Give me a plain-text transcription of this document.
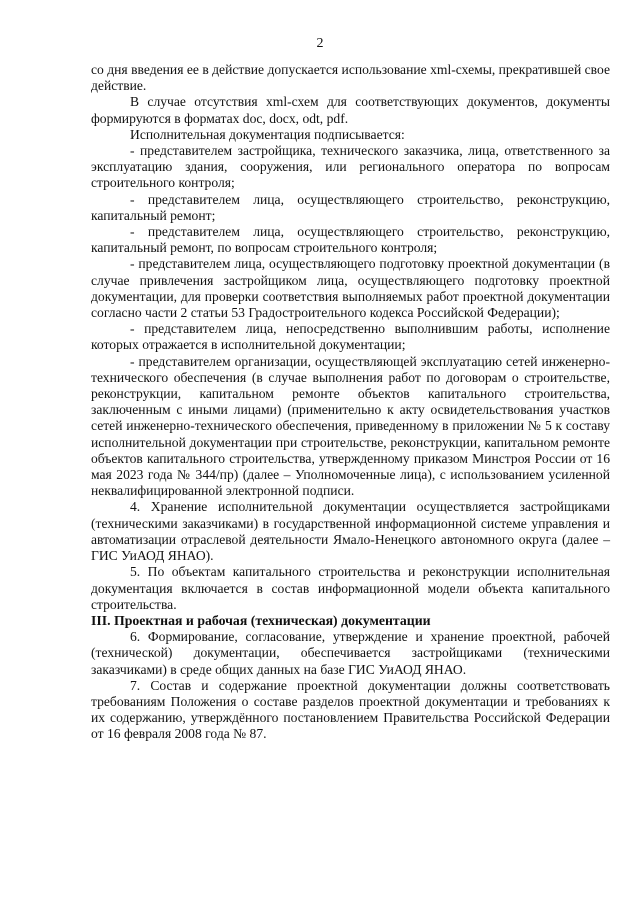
2

со дня введения ее в действие допускается использование xml-схемы, прекратившей свое действие.

В случае отсутствия xml-схем для соответствующих документов, документы формируются в форматах doc, docx, odt, pdf.

Исполнительная документация подписывается:

- представителем застройщика, технического заказчика, лица, ответственного за эксплуатацию здания, сооружения, или регионального оператора по вопросам строительного контроля;

- представителем лица, осуществляющего строительство, реконструкцию, капитальный ремонт;

- представителем лица, осуществляющего строительство, реконструкцию, капитальный ремонт, по вопросам строительного контроля;

- представителем лица, осуществляющего подготовку проектной документации (в случае привлечения застройщиком лица, осуществляющего подготовку проектной документации, для проверки соответствия выполняемых работ проектной документации согласно части 2 статьи 53 Градостроительного кодекса Российской Федерации);

- представителем лица, непосредственно выполнившим работы, исполнение которых отражается в исполнительной документации;

- представителем организации, осуществляющей эксплуатацию сетей инженерно-технического обеспечения (в случае выполнения работ по договорам о строительстве, реконструкции, капитальном ремонте объектов капитального строительства, заключенным с иными лицами) (применительно к акту освидетельствования участков сетей инженерно-технического обеспечения, приведенному в приложении № 5 к составу исполнительной документации при строительстве, реконструкции, капитальном ремонте объектов капитального строительства, утвержденному приказом Минстроя России от 16 мая 2023 года № 344/пр) (далее – Уполномоченные лица), с использованием усиленной неквалифицированной электронной подписи.

4. Хранение исполнительной документации осуществляется застройщиками (техническими заказчиками) в государственной информационной системе управления и автоматизации отраслевой деятельности Ямало-Ненецкого автономного округа (далее – ГИС УиАОД ЯНАО).

5. По объектам капитального строительства и реконструкции исполнительная документация включается в состав информационной модели объекта капитального строительства.

III. Проектная и рабочая (техническая) документации

6. Формирование, согласование, утверждение и хранение проектной, рабочей (технической) документации, обеспечивается застройщиками (техническими заказчиками) в среде общих данных на базе ГИС УиАОД ЯНАО.

7. Состав и содержание проектной документации должны соответствовать требованиям Положения о составе разделов проектной документации и требованиях к их содержанию, утверждённого постановлением Правительства Российской Федерации от 16 февраля 2008 года № 87.
